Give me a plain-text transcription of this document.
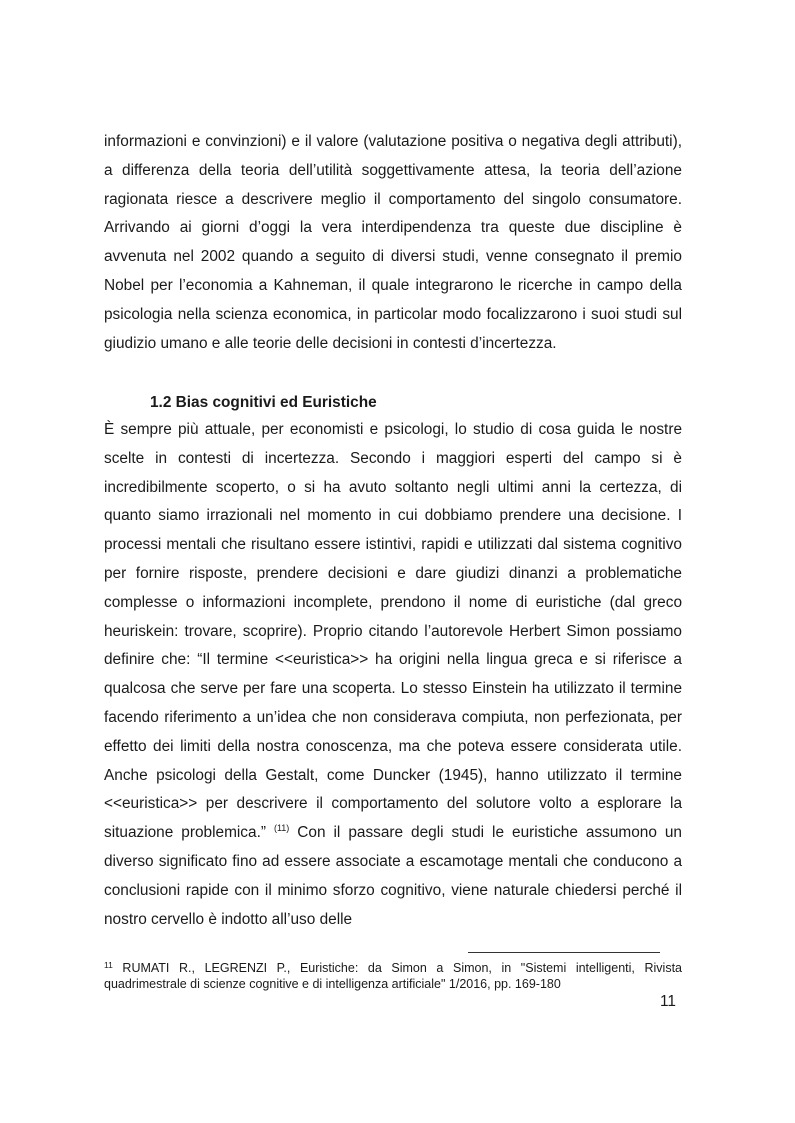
informazioni e convinzioni) e il valore (valutazione positiva o negativa degli attributi), a differenza della teoria dell’utilità soggettivamente attesa, la teoria dell’azione ragionata riesce a descrivere meglio il comportamento del singolo consumatore. Arrivando ai giorni d’oggi la vera interdipendenza tra queste due discipline è avvenuta nel 2002 quando a seguito di diversi studi, venne consegnato il premio Nobel per l’economia a Kahneman, il quale integrarono le ricerche in campo della psicologia nella scienza economica, in particolar modo focalizzarono i suoi studi sul giudizio umano e alle teorie delle decisioni in contesti d’incertezza.

1.2 Bias cognitivi ed Euristiche

È sempre più attuale, per economisti e psicologi, lo studio di cosa guida le nostre scelte in contesti di incertezza. Secondo i maggiori esperti del campo si è incredibilmente scoperto, o si ha avuto soltanto negli ultimi anni la certezza, di quanto siamo irrazionali nel momento in cui dobbiamo prendere una decisione. I processi mentali che risultano essere istintivi, rapidi e utilizzati dal sistema cognitivo per fornire risposte, prendere decisioni e dare giudizi dinanzi a problematiche complesse o informazioni incomplete, prendono il nome di euristiche (dal greco heuriskein: trovare, scoprire). Proprio citando l’autorevole Herbert Simon possiamo definire che: “Il termine <<euristica>> ha origini nella lingua greca e si riferisce a qualcosa che serve per fare una scoperta. Lo stesso Einstein ha utilizzato il termine facendo riferimento a un’idea che non considerava compiuta, non perfezionata, per effetto dei limiti della nostra conoscenza, ma che poteva essere considerata utile. Anche psicologi della Gestalt, come Duncker (1945), hanno utilizzato il termine <<euristica>> per descrivere il comportamento del solutore volto a esplorare la situazione problemica.” $^{(11)}$ Con il passare degli studi le euristiche assumono un diverso significato fino ad essere associate a escamotage mentali che conducono a conclusioni rapide con il minimo sforzo cognitivo, viene naturale chiedersi perché il nostro cervello è indotto all’uso delle

$^{11}$ RUMATI R., LEGRENZI P., Euristiche: da Simon a Simon, in "Sistemi intelligenti, Rivista quadrimestrale di scienze cognitive e di intelligenza artificiale" 1/2016, pp. 169-180

11
